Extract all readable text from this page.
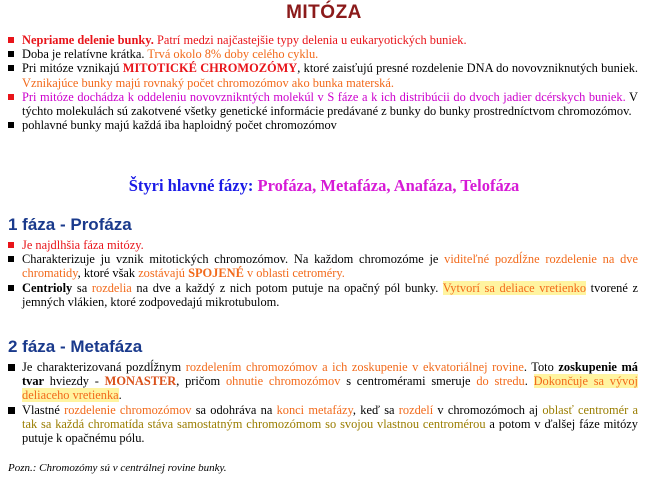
MITÓZA
Nepriame delenie bunky. Patrí medzi najčastejšie typy delenia u eukaryotických buniek.
Doba je relatívne krátka. Trvá okolo 8% doby celého cyklu.
Pri mitóze vznikajú MITOTICKÉ CHROMOZÓMY, ktoré zaisťujú presné rozdelenie DNA do novovzniknutých buniek. Vznikajúce bunky majú rovnaký počet chromozómov ako bunka materská.
Pri mitóze dochádza k oddeleniu novovznikntých molekúl v S fáze a k ich distribúcii do dvoch jadier dcérskych buniek. V týchto molekulách sú zakotvené všetky genetické informácie predávané z bunky do bunky prostredníctvom chromozómov.
pohlavné bunky majú každá iba haploidný počet chromozómov
Štyri hlavné fázy: Profáza, Metafáza, Anafáza, Telofáza
1 fáza - Profáza
Je najdlhšia fáza mitózy.
Charakterizuje ju vznik mitotických chromozómov. Na každom chromozóme je viditeľné pozdĺžne rozdelenie na dve chromatidy, ktoré však zostávajú SPOJENÉ v oblasti cetroméry.
Centrioly sa rozdelia na dve a každý z nich potom putuje na opačný pól bunky. Vytvorí sa deliace vretienko tvorené z jemných vlákien, ktoré zodpovedajú mikrotubulom.
2 fáza - Metafáza
Je charakterizovaná pozdĺžnym rozdelením chromozómov a ich zoskupenie v ekvatoriálnej rovine. Toto zoskupenie má tvar hviezdy - MONASTER, pričom ohnutie chromozómov s centromérami smeruje do stredu. Dokončuje sa vývoj deliaceho vretienka.
Vlastné rozdelenie chromozómov sa odohráva na konci metafázy, keď sa rozdelí v chromozómoch aj oblasť centromér a tak sa každá chromatída stáva samostatným chromozómom so svojou vlastnou centromérou a potom v ďalšej fáze mitózy putuje k opačnému pólu.
Pozn.: Chromozómy sú v centrálnej rovine bunky.
